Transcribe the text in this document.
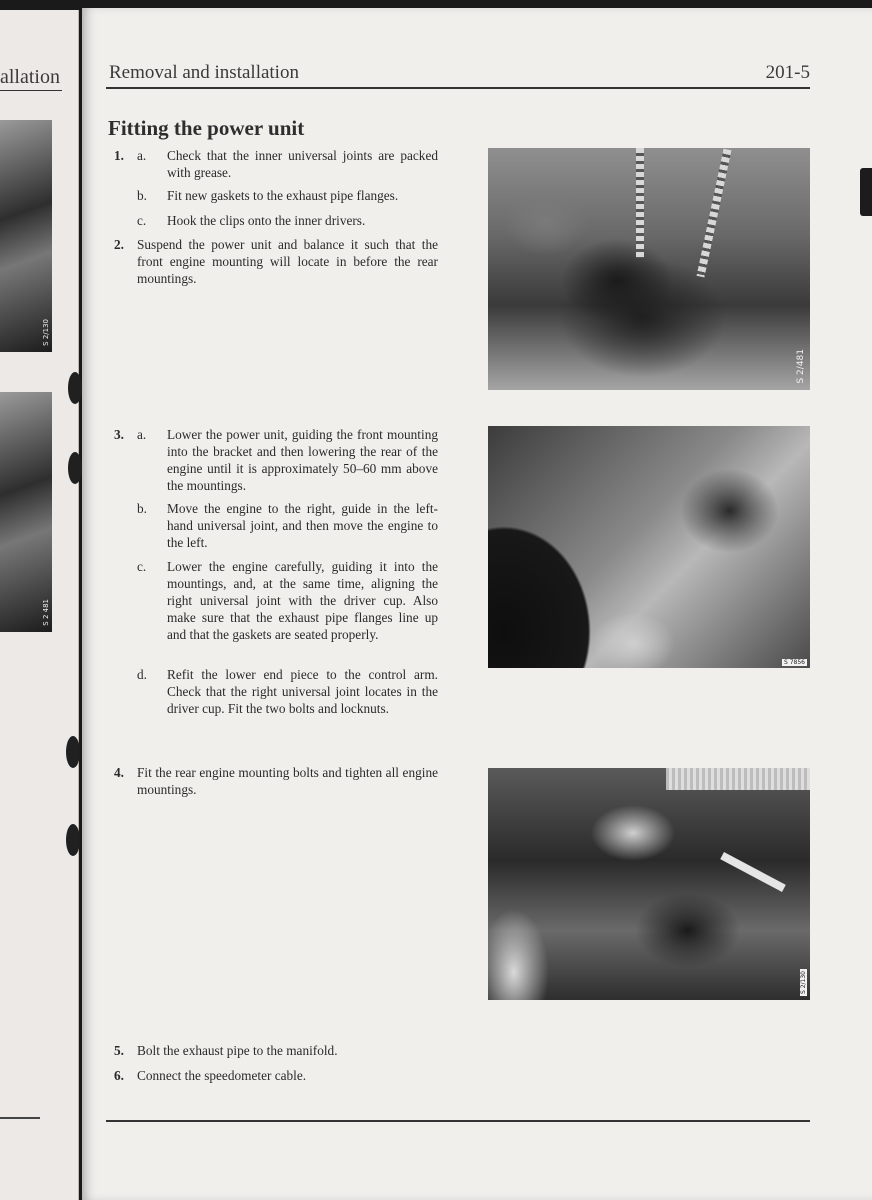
allation
S 2/130
S 2 481
Removal and installation	201-5
Fitting the power unit
1. a.	Check that the inner universal joints are packed with grease.
b.	Fit new gaskets to the exhaust pipe flanges.
c.	Hook the clips onto the inner drivers.
2. Suspend the power unit and balance it such that the front engine mounting will locate in before the rear mountings.
3. a.	Lower the power unit, guiding the front mounting into the bracket and then lowering the rear of the engine until it is approximately 50–60 mm above the mountings.
b.	Move the engine to the right, guide in the left-hand universal joint, and then move the engine to the left.
c.	Lower the engine carefully, guiding it into the mountings, and, at the same time, aligning the right universal joint with the driver cup. Also make sure that the exhaust pipe flanges line up and that the gaskets are seated properly.
d.	Refit the lower end piece to the control arm. Check that the right universal joint locates in the driver cup. Fit the two bolts and locknuts.
4. Fit the rear engine mounting bolts and tighten all engine mountings.
5. Bolt the exhaust pipe to the manifold.
6. Connect the speedometer cable.
S 2/481
S 7856
S 2/130
